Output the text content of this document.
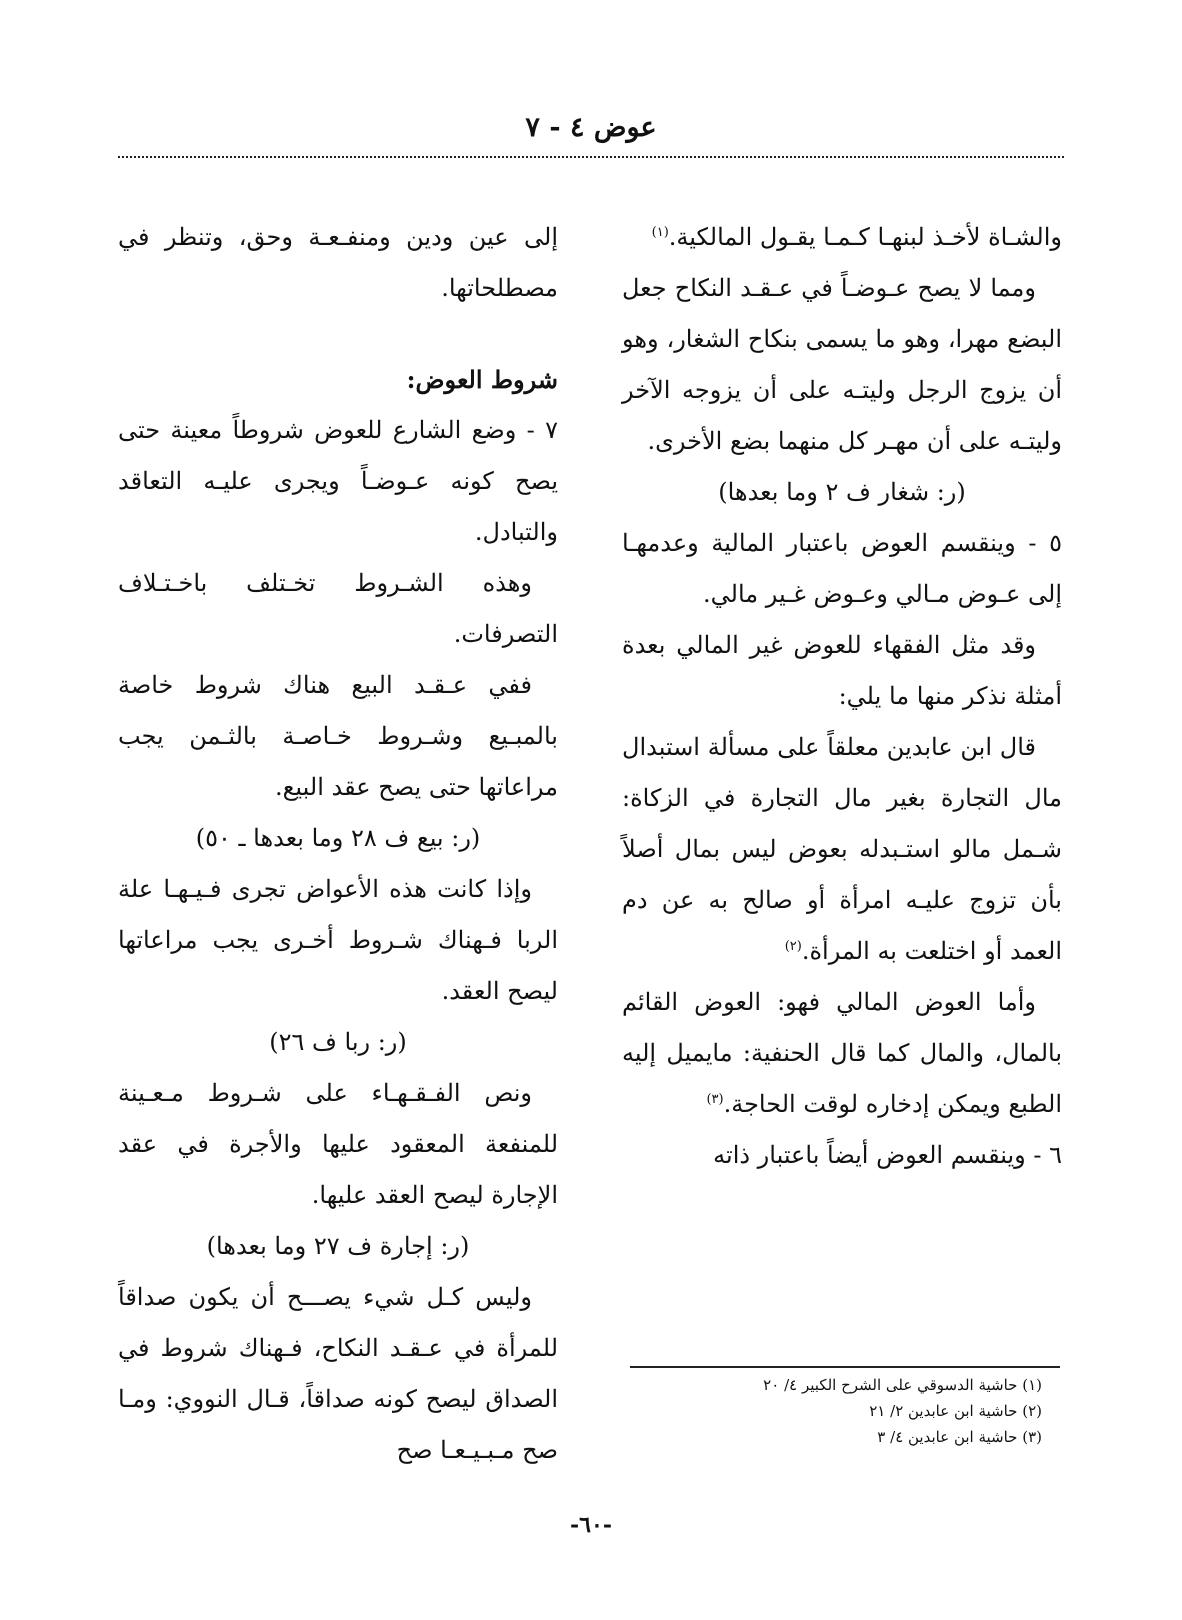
عوض ٤ - ٧

والشـاة لأخـذ لبنهـا كـمـا يقـول المالكية.$^{(١)}$

ومما لا يصح عـوضـاً في عـقـد النكاح جعل البضع مهرا، وهو ما يسمى بنكاح الشغار، وهو أن يزوج الرجل وليتـه على أن يزوجه الآخر وليتـه على أن مهـر كل منهما بضع الأخرى.

(ر: شغار ف ٢ وما بعدها)

٥ - وينقسم العوض باعتبار المالية وعدمهـا إلى عـوض مـالي وعـوض غـير مالي.

وقد مثل الفقهاء للعوض غير المالي بعدة أمثلة نذكر منها ما يلي:

قال ابن عابدين معلقاً على مسألة استبدال مال التجارة بغير مال التجارة في الزكاة: شـمل مالو استـبدله بعوض ليس بمال أصلاً بأن تزوج عليـه امرأة أو صالح به عن دم العمد أو اختلعت به المرأة.$^{(٢)}$

وأما العوض المالي فهو: العوض القائم بالمال، والمال كما قال الحنفية: مايميل إليه الطبع ويمكن إدخاره لوقت الحاجة.$^{(٣)}$

٦ - وينقسم العوض أيضاً باعتبار ذاته

إلى عين ودين ومنفـعـة وحق، وتنظر في مصطلحاتها.

شروط العوض:

٧ - وضع الشارع للعوض شروطاً معينة حتى يصح كونه عـوضـاً ويجرى عليـه التعاقد والتبادل.

وهذه الشـروط تخـتلف باخـتـلاف التصرفات.

ففي عـقـد البيع هناك شروط خاصة بالمبـيع وشـروط خـاصـة بالثـمن يجب مراعاتها حتى يصح عقد البيع.

(ر: بيع ف ٢٨ وما بعدها ـ ٥٠)

وإذا كانت هذه الأعواض تجرى فـيـهـا علة الربا فـهناك شـروط أخـرى يجب مراعاتها ليصح العقد.

(ر: ربا ف ٢٦)

ونص الفـقـهـاء على شـروط مـعـينة للمنفعة المعقود عليها والأجرة في عقد الإجارة ليصح العقد عليها.

(ر: إجارة ف ٢٧ وما بعدها)

وليس كـل شيء يصـــح أن يكون صداقاً للمرأة في عـقـد النكاح، فـهناك شروط في الصداق ليصح كونه صداقاً، قـال النووي: ومـا صح مـبـيـعـا صح

(١) حاشية الدسوقي على الشرح الكبير ٤/ ٢٠

(٢) حاشية ابن عابدين ٢/ ٢١

(٣) حاشية ابن عابدين ٤/ ٣

-٦٠-
